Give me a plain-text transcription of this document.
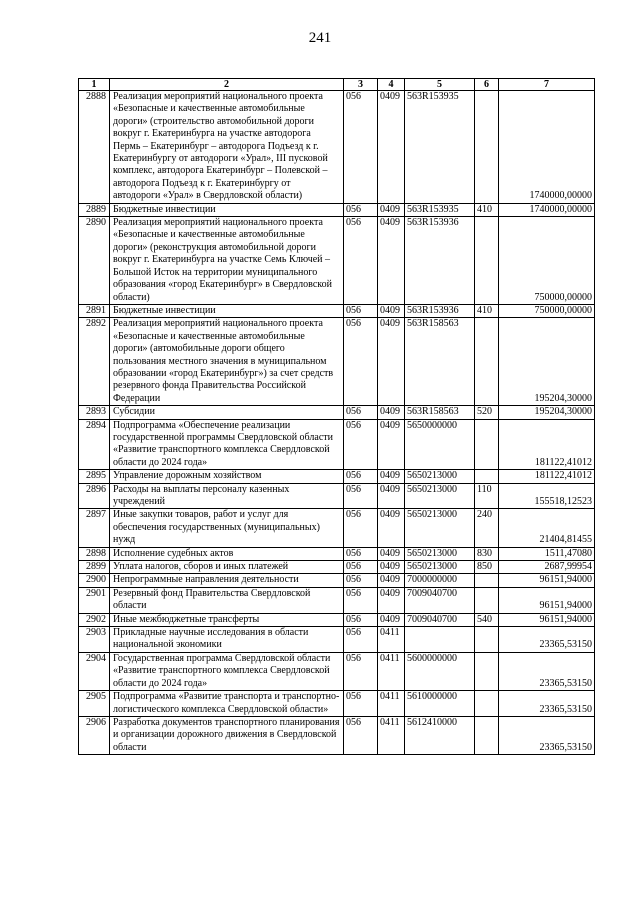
241
1	2	3	4	5	6	7
2888	Реализация мероприятий национального проекта «Безопасные и качественные автомобильные дороги» (строительство автомобильной дороги вокруг г. Екатеринбурга на участке автодорога Пермь – Екатеринбург – автодорога Подъезд к г. Екатеринбургу от автодороги «Урал», III пусковой комплекс, автодорога Екатеринбург – Полевской – автодорога Подъезд к г. Екатеринбургу от автодороги «Урал» в Свердловской области)	056	0409	563R153935		1740000,00000
2889	Бюджетные инвестиции	056	0409	563R153935	410	1740000,00000
2890	Реализация мероприятий национального проекта «Безопасные и качественные автомобильные дороги» (реконструкция автомобильной дороги вокруг г. Екатеринбурга на участке Семь Ключей – Большой Исток на территории муниципального образования «город Екатеринбург» в Свердловской области)	056	0409	563R153936		750000,00000
2891	Бюджетные инвестиции	056	0409	563R153936	410	750000,00000
2892	Реализация мероприятий национального проекта «Безопасные и качественные автомобильные дороги» (автомобильные дороги общего пользования местного значения в муниципальном образовании «город Екатеринбург») за счет средств резервного фонда Правительства Российской Федерации	056	0409	563R158563		195204,30000
2893	Субсидии	056	0409	563R158563	520	195204,30000
2894	Подпрограмма «Обеспечение реализации государственной программы Свердловской области «Развитие транспортного комплекса Свердловской области до 2024 года»	056	0409	5650000000		181122,41012
2895	Управление дорожным хозяйством	056	0409	5650213000		181122,41012
2896	Расходы на выплаты персоналу казенных учреждений	056	0409	5650213000	110	155518,12523
2897	Иные закупки товаров, работ и услуг для обеспечения государственных (муниципальных) нужд	056	0409	5650213000	240	21404,81455
2898	Исполнение судебных актов	056	0409	5650213000	830	1511,47080
2899	Уплата налогов, сборов и иных платежей	056	0409	5650213000	850	2687,99954
2900	Непрограммные направления деятельности	056	0409	7000000000		96151,94000
2901	Резервный фонд Правительства Свердловской области	056	0409	7009040700		96151,94000
2902	Иные межбюджетные трансферты	056	0409	7009040700	540	96151,94000
2903	Прикладные научные исследования в области национальной экономики	056	0411			23365,53150
2904	Государственная программа Свердловской области «Развитие транспортного комплекса Свердловской области до 2024 года»	056	0411	5600000000		23365,53150
2905	Подпрограмма «Развитие транспорта и транспортно-логистического комплекса Свердловской области»	056	0411	5610000000		23365,53150
2906	Разработка документов транспортного планирования и организации дорожного движения в Свердловской области	056	0411	5612410000		23365,53150
